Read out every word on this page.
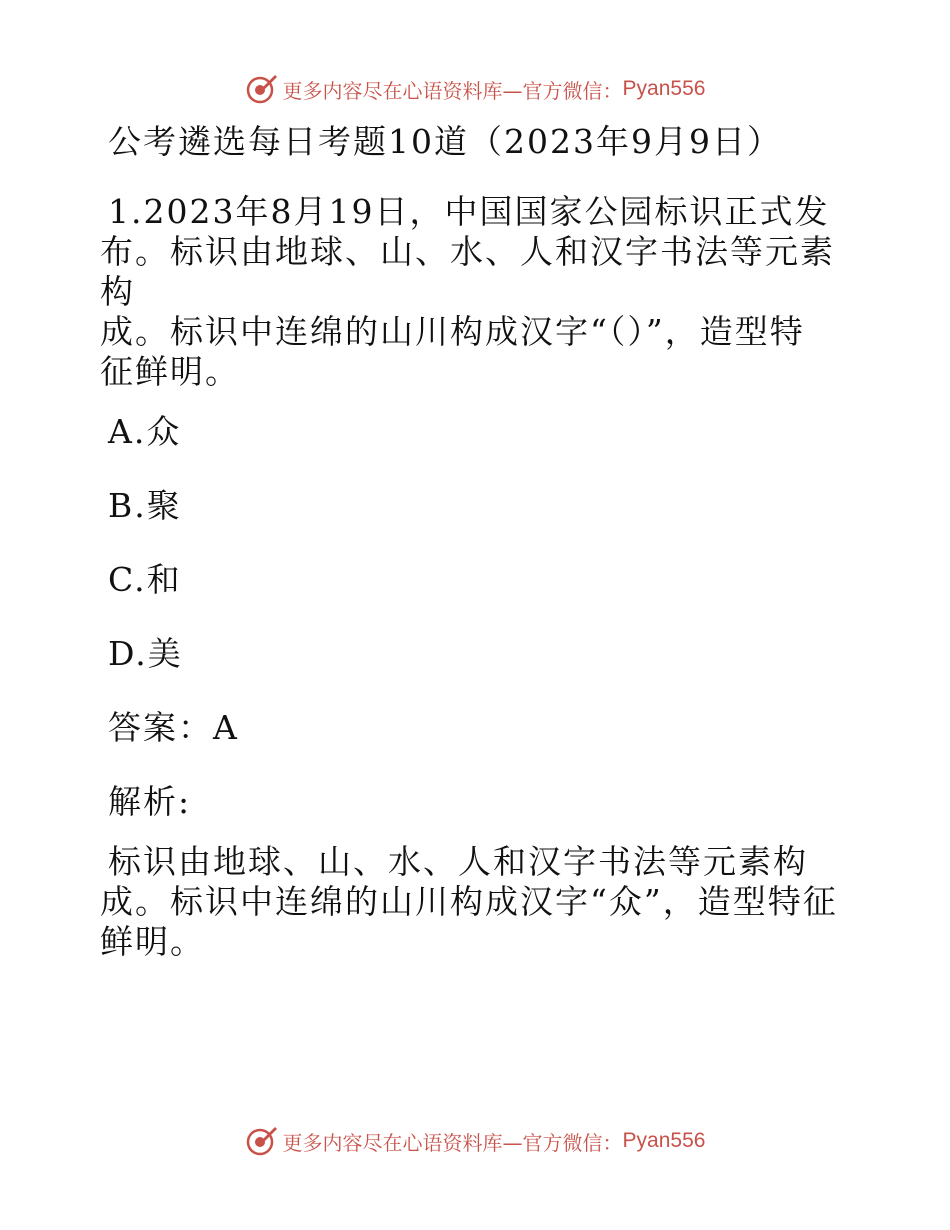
更多内容尽在心语资料库—官方微信： Pyan556

公考遴选每日考题10道（2023年9月9日）

1.2023年8月19日，中国国家公园标识正式发

布。标识由地球、山、水、人和汉字书法等元素构

成。标识中连绵的山川构成汉字“（）”，造型特

征鲜明。

A.众

B.聚

C.和

D.美

答案：A

解析:

标识由地球、山、水、人和汉字书法等元素构

成。标识中连绵的山川构成汉字“众”，造型特征

鲜明。

更多内容尽在心语资料库—官方微信： Pyan556
